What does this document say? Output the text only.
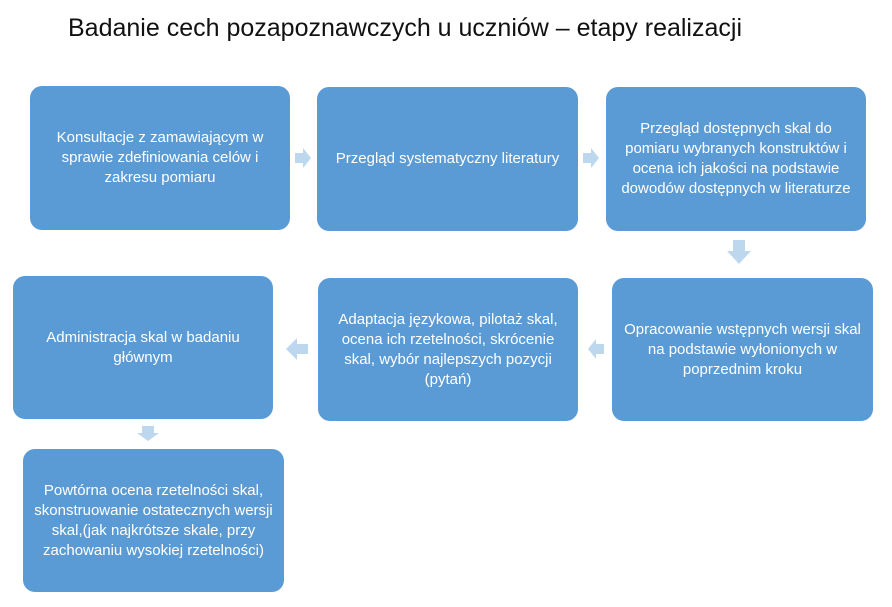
Badanie cech pozapoznawczych u uczniów – etapy realizacji
Konsultacje z zamawiającym w sprawie zdefiniowania celów i zakresu pomiaru
Przegląd systematyczny literatury
Przegląd dostępnych skal do pomiaru wybranych konstruktów i ocena ich jakości na podstawie dowodów dostępnych w literaturze
Administracja skal w badaniu głównym
Adaptacja językowa, pilotaż skal, ocena ich rzetelności, skrócenie skal, wybór najlepszych pozycji (pytań)
Opracowanie wstępnych wersji skal na podstawie wyłonionych w poprzednim kroku
Powtórna ocena rzetelności skal, skonstruowanie ostatecznych wersji skal,(jak najkrótsze skale, przy zachowaniu wysokiej rzetelności)
